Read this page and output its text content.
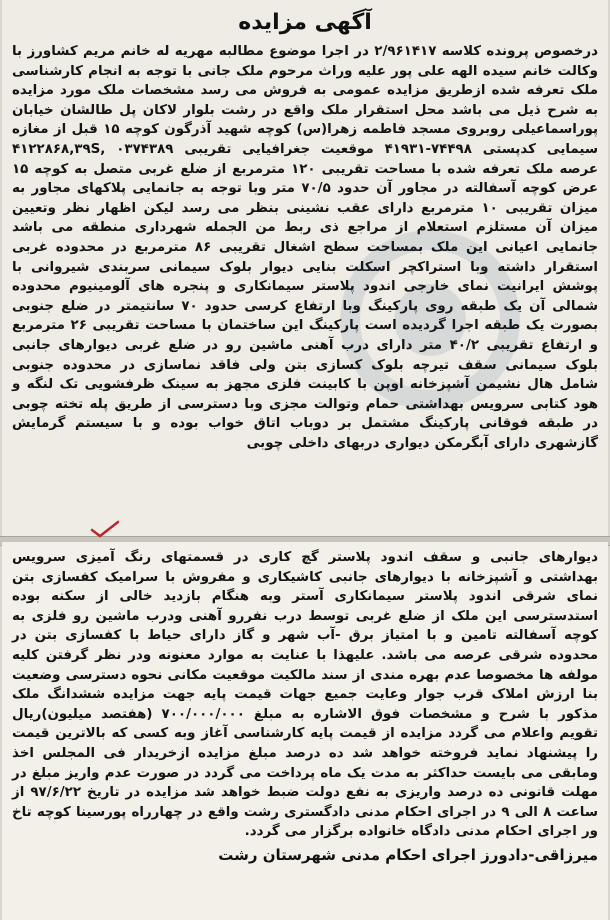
آگهی مزایده

درخصوص پرونده کلاسه ۲/۹۶۱۴۱۷ در اجرا موضوع مطالبه مهریه له خانم مریم کشاورز با وکالت خانم سیده الهه علی پور علیه وراث مرحوم ملک جانی با توجه به انجام کارشناسی ملک تعرفه شده ازطریق مزایده عمومی به فروش می رسد مشخصات ملک مورد مزایده به شرح ذیل می باشد محل استقرار ملک واقع در رشت بلوار لاکان پل طالشان خیابان پوراسماعیلی روبروی مسجد فاطمه زهرا(س) کوچه شهید آذرگون کوچه ۱۵ قبل از مغازه سیمایی کدپستی ۷۴۴۹۸-۴۱۹۳۱ موقعیت جغرافیایی تقریبی ۰۳۷۴۳۸۹ ,۴۱۲۲۸۶۸,۳۹S عرصه ملک تعرفه شده با مساحت تقریبی ۱۲۰ مترمربع از ضلع غربی متصل به کوچه ۱۵ عرض کوچه آسفالته در مجاور آن حدود ۷۰/۵ متر وبا توجه به جانمایی پلاکهای مجاور به میزان تقریبی ۱۰ مترمربع دارای عقب نشینی بنظر می رسد لیکن اظهار نظر وتعیین میزان آن مستلزم استعلام از مراجع ذی ربط من الجمله شهرداری منطقه می باشد جانمایی اعیانی این ملک بمساحت سطح اشغال تقریبی ۸۶ مترمربع در محدوده غربی استقرار داشته وبا استراکچر اسکلت بنایی دیوار بلوک سیمانی سربندی شیروانی با پوشش ایرانیت نمای خارجی اندود پلاستر سیمانکاری و پنجره های آلومینیوم محدوده شمالی آن یک طبقه روی پارکینگ وبا ارتفاع کرسی حدود ۷۰ سانتیمتر در ضلع جنوبی بصورت یک طبقه اجرا گردیده است پارکینگ این ساختمان با مساحت تقریبی ۲۶ مترمربع و ارتفاع تقریبی ۴۰/۲ متر دارای درب آهنی ماشین رو در ضلع غربی دیوارهای جانبی بلوک سیمانی سقف تیرچه بلوک کسازی بتن ولی فاقد نماسازی در محدوده جنوبی شامل هال نشیمن آشپزخانه اوپن با کابینت فلزی مجهز به سینک ظرفشویی تک لنگه و هود کتابی سرویس بهداشتی حمام وتوالت مجزی وبا دسترسی از طریق پله تخته چوبی در طبقه فوقانی پارکینگ مشتمل بر دوباب اتاق خواب بوده و با سیستم گرمایش گازشهری دارای آبگرمکن دیواری دربهای داخلی چوبی

دیوارهای جانبی و سقف اندود پلاستر گچ کاری در قسمتهای رنگ آمیزی سرویس بهداشتی و آشپزخانه با دیوارهای جانبی کاشیکاری و مفروش با سرامیک کفسازی بتن نمای شرقی اندود پلاستر سیمانکاری آستر وبه هنگام بازدید خالی از سکنه بوده استدسترسی این ملک از ضلع غربی توسط درب نفررو آهنی ودرب ماشین رو فلزی به کوچه آسفالته تامین و با امتیاز برق -آب شهر و گاز دارای حیاط با کفسازی بتن در محدوده شرقی عرصه می باشد. علیهذا با عنایت به موارد معنونه ودر نظر گرفتن کلیه مولفه ها مخصوصا عدم بهره مندی از سند مالکیت موقعیت مکانی نحوه دسترسی وضعیت بنا ارزش املاک قرب جوار وعایت جمیع جهات قیمت پایه جهت مزایده ششدانگ ملک مذکور با شرح و مشخصات فوق الاشاره به مبلغ ۷۰۰/۰۰۰/۰۰۰ (هفتصد میلیون)ریال تقویم واعلام می گردد مزایده از قیمت پایه کارشناسی آغاز وبه کسی که بالاترین قیمت را پیشنهاد نماید فروخته خواهد شد ده درصد مبلغ مزایده ازخریدار فی المجلس اخذ ومابقی می بایست حداکثر به مدت یک ماه پرداخت می گردد در صورت عدم واریز مبلغ در مهلت قانونی ده درصد واریزی به نفع دولت ضبط خواهد شد مزایده در تاریخ ۹۷/۶/۲۲ از ساعت ۸ الی ۹ در اجرای احکام مدنی دادگستری رشت واقع در چهارراه پورسینا کوچه تاخ ور اجرای احکام مدنی دادگاه خانواده برگزار می گردد.

میرزاقی-دادورز اجرای احکام مدنی شهرستان رشت
